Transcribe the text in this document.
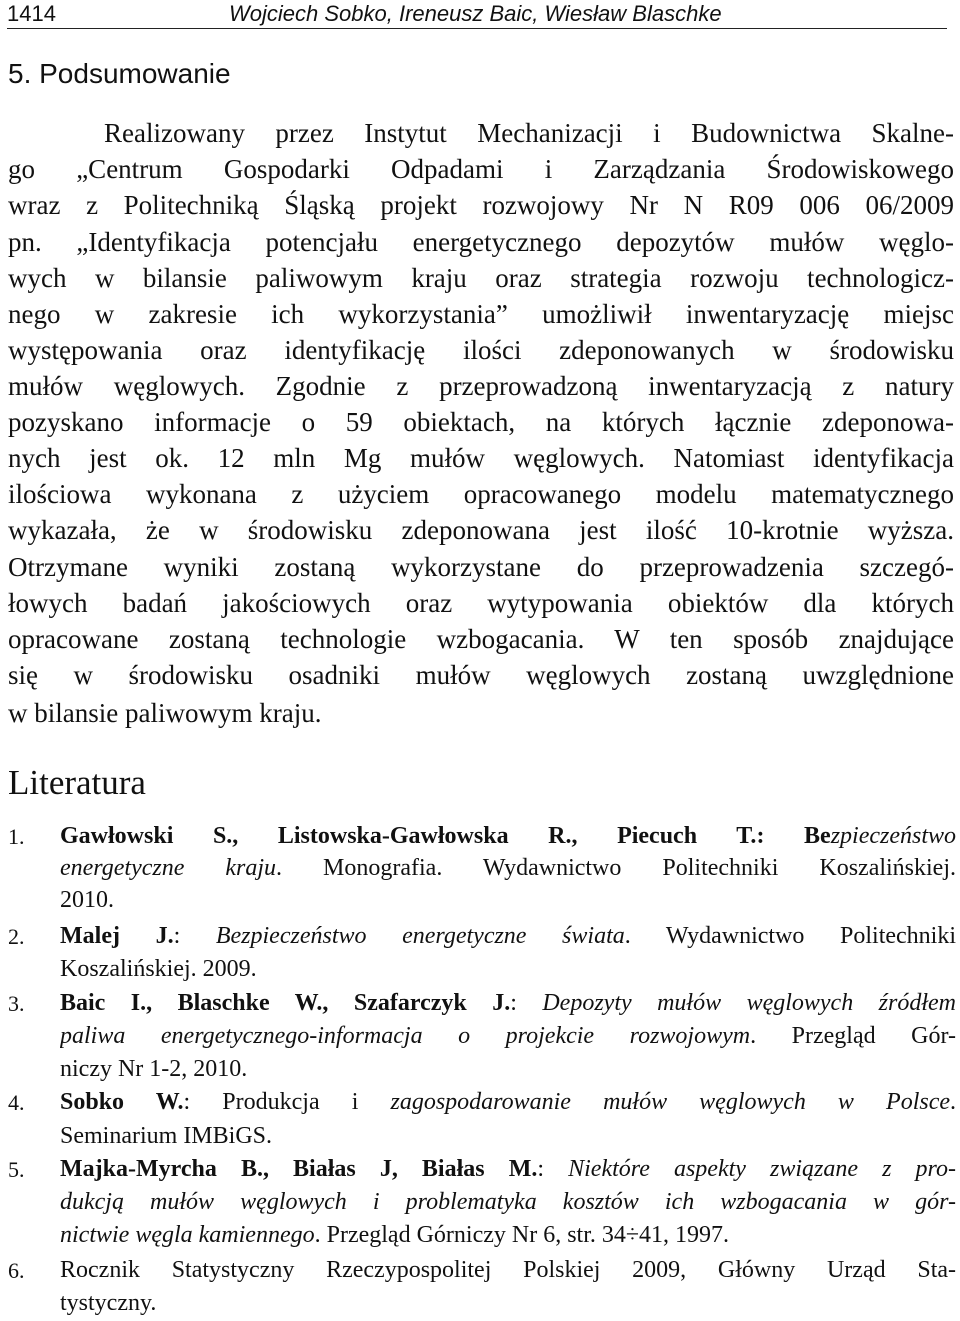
1414	Wojciech Sobko, Ireneusz Baic, Wiesław Blaschke
5. Podsumowanie
Realizowany przez Instytut Mechanizacji i Budownictwa Skalne-
go „Centrum Gospodarki Odpadami i Zarządzania Środowiskowego
wraz z Politechniką Śląską projekt rozwojowy Nr N R09 006 06/2009
pn. „Identyfikacja potencjału energetycznego depozytów mułów węglo-
wych w bilansie paliwowym kraju oraz strategia rozwoju technologicz-
nego w zakresie ich wykorzystania” umożliwił inwentaryzację miejsc
występowania oraz identyfikację ilości zdeponowanych w środowisku
mułów węglowych. Zgodnie z przeprowadzoną inwentaryzacją z natury
pozyskano informacje o 59 obiektach, na których łącznie zdeponowa-
nych jest ok. 12 mln Mg mułów węglowych. Natomiast identyfikacja
ilościowa wykonana z użyciem opracowanego modelu matematycznego
wykazała, że w środowisku zdeponowana jest ilość 10-krotnie wyższa.
Otrzymane wyniki zostaną wykorzystane do przeprowadzenia szczegó-
łowych badań jakościowych oraz wytypowania obiektów dla których
opracowane zostaną technologie wzbogacania. W ten sposób znajdujące
się w środowisku osadniki mułów węglowych zostaną uwzględnione
w bilansie paliwowym kraju.
Literatura
1.	Gawłowski S., Listowska-Gawłowska R., Piecuch T.: Bezpieczeństwo
energetyczne kraju. Monografia. Wydawnictwo Politechniki Koszalińskiej.
2010.
2.	Malej J.: Bezpieczeństwo energetyczne świata. Wydawnictwo Politechniki
Koszalińskiej. 2009.
3.	Baic I., Blaschke W., Szafarczyk J.: Depozyty mułów węglowych źródłem
paliwa energetycznego-informacja o projekcie rozwojowym. Przegląd Gór-
niczy Nr 1-2, 2010.
4.	Sobko W.: Produkcja i zagospodarowanie mułów węglowych w Polsce.
Seminarium IMBiGS.
5.	Majka-Myrcha B., Białas J, Białas M.: Niektóre aspekty związane z pro-
dukcją mułów węglowych i problematyka kosztów ich wzbogacania w gór-
nictwie węgla kamiennego. Przegląd Górniczy Nr 6, str. 34÷41, 1997.
6.	Rocznik Statystyczny Rzeczypospolitej Polskiej 2009, Główny Urząd Sta-
tystyczny.
